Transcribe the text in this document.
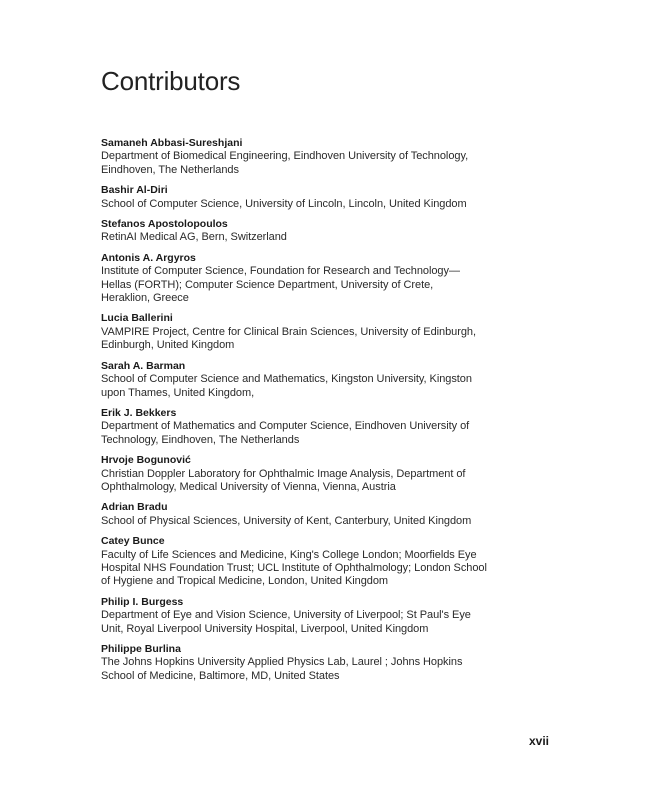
Contributors
Samaneh Abbasi-Sureshjani
Department of Biomedical Engineering, Eindhoven University of Technology,
Eindhoven, The Netherlands
Bashir Al-Diri
School of Computer Science, University of Lincoln, Lincoln, United Kingdom
Stefanos Apostolopoulos
RetinAI Medical AG, Bern, Switzerland
Antonis A. Argyros
Institute of Computer Science, Foundation for Research and Technology—
Hellas (FORTH); Computer Science Department, University of Crete,
Heraklion, Greece
Lucia Ballerini
VAMPIRE Project, Centre for Clinical Brain Sciences, University of Edinburgh,
Edinburgh, United Kingdom
Sarah A. Barman
School of Computer Science and Mathematics, Kingston University, Kingston
upon Thames, United Kingdom,
Erik J. Bekkers
Department of Mathematics and Computer Science, Eindhoven University of
Technology, Eindhoven, The Netherlands
Hrvoje Bogunović
Christian Doppler Laboratory for Ophthalmic Image Analysis, Department of
Ophthalmology, Medical University of Vienna, Vienna, Austria
Adrian Bradu
School of Physical Sciences, University of Kent, Canterbury, United Kingdom
Catey Bunce
Faculty of Life Sciences and Medicine, King's College London; Moorfields Eye
Hospital NHS Foundation Trust; UCL Institute of Ophthalmology; London School
of Hygiene and Tropical Medicine, London, United Kingdom
Philip I. Burgess
Department of Eye and Vision Science, University of Liverpool; St Paul's Eye
Unit, Royal Liverpool University Hospital, Liverpool, United Kingdom
Philippe Burlina
The Johns Hopkins University Applied Physics Lab, Laurel ; Johns Hopkins
School of Medicine, Baltimore, MD, United States
xvii
